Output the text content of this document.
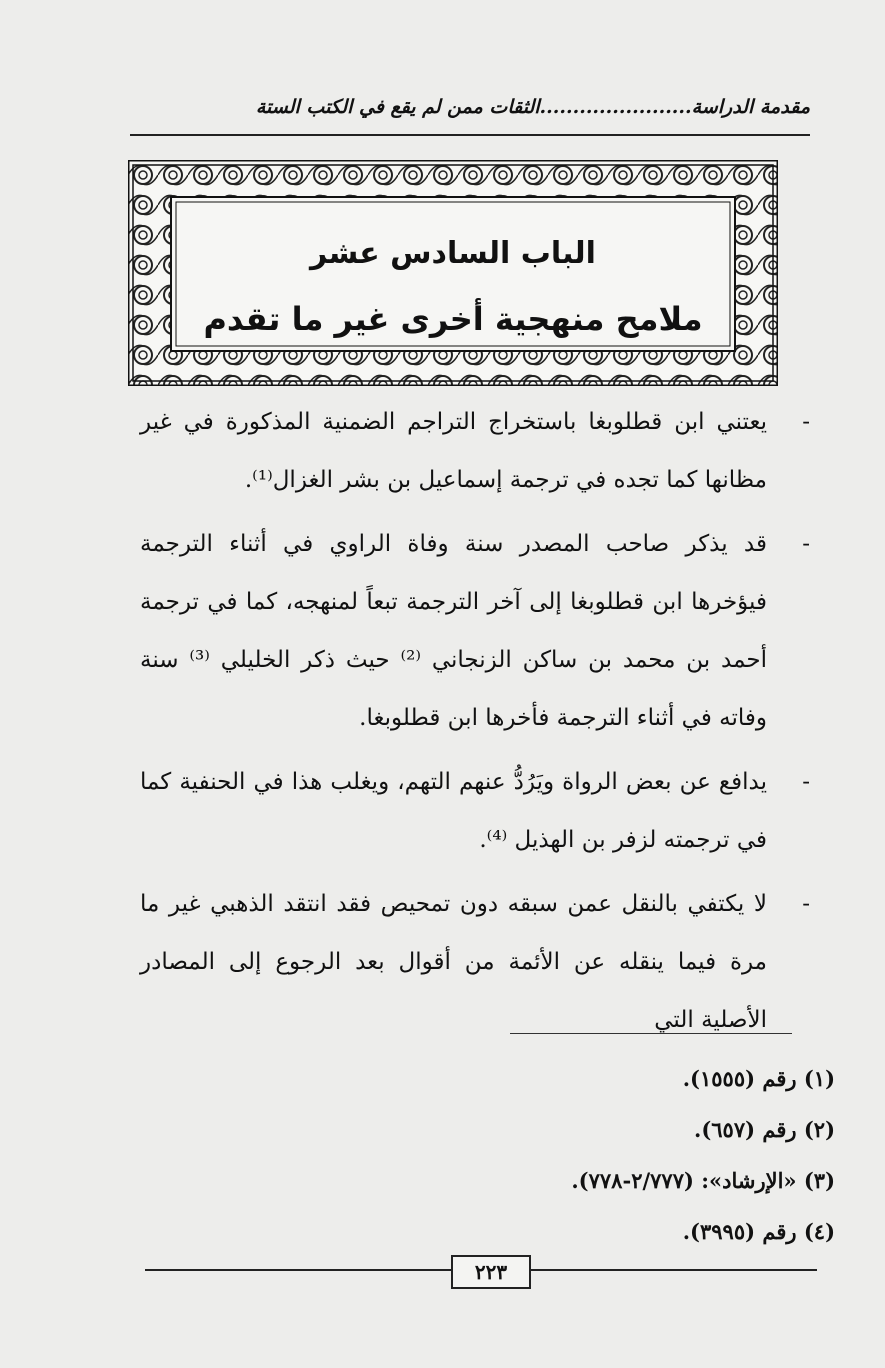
مقدمة الدراسة.......................الثقات ممن لم يقع في الكتب الستة
الباب السادس عشر
ملامح منهجية أخرى غير ما تقدم
-
يعتني ابن قطلوبغا باستخراج التراجم الضمنية المذكورة في غير مظانها كما تجده في ترجمة إسماعيل بن بشر الغزال⁽¹⁾.
-
قد يذكر صاحب المصدر سنة وفاة الراوي في أثناء الترجمة فيؤخرها ابن قطلوبغا إلى آخر الترجمة تبعاً لمنهجه، كما في ترجمة أحمد بن محمد بن ساكن الزنجاني ⁽²⁾ حيث ذكر الخليلي ⁽³⁾ سنة وفاته في أثناء الترجمة فأخرها ابن قطلوبغا.
-
يدافع عن بعض الرواة ويَرُدُّ عنهم التهم، ويغلب هذا في الحنفية كما في ترجمته لزفر بن الهذيل ⁽⁴⁾.
-
لا يكتفي بالنقل عمن سبقه دون تمحيص فقد انتقد الذهبي غير ما مرة فيما ينقله عن الأئمة من أقوال بعد الرجوع إلى المصادر الأصلية التي
(١) رقم (١٥٥٥).
(٢) رقم (٦٥٧).
(٣) «الإرشاد»: (٢/٧٧٧-٧٧٨).
(٤) رقم (٣٩٩٥).
٢٢٣
